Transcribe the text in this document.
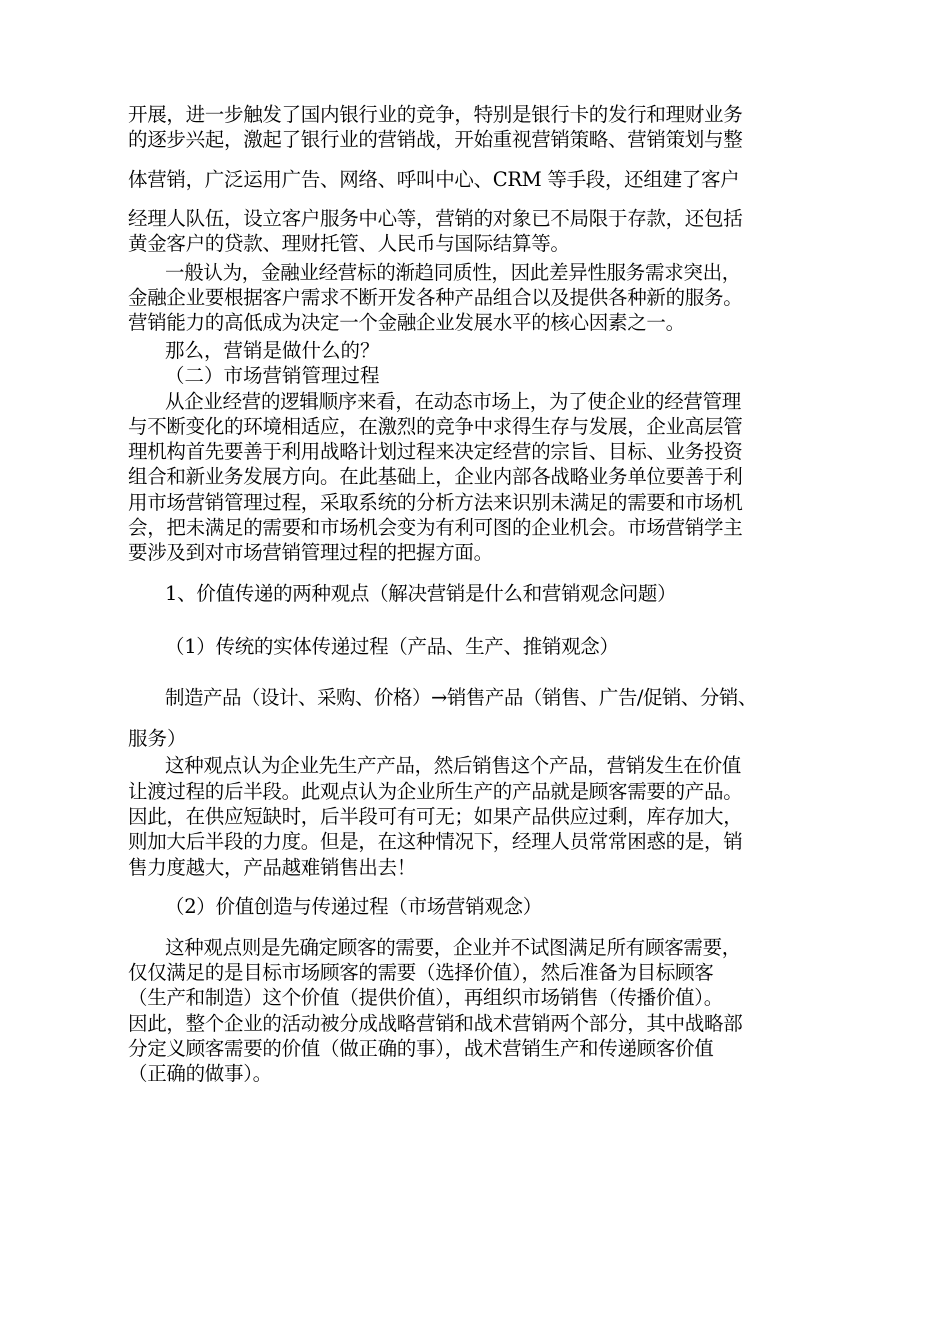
开展，进一步触发了国内银行业的竞争，特别是银行卡的发行和理财业务

的逐步兴起，激起了银行业的营销战，开始重视营销策略、营销策划与整

体营销，广泛运用广告、网络、呼叫中心、CRM 等手段，还组建了客户

经理人队伍，设立客户服务中心等，营销的对象已不局限于存款，还包括

黄金客户的贷款、理财托管、人民币与国际结算等。

一般认为，金融业经营标的渐趋同质性，因此差异性服务需求突出，

金融企业要根据客户需求不断开发各种产品组合以及提供各种新的服务。

营销能力的高低成为决定一个金融企业发展水平的核心因素之一。

那么，营销是做什么的？

（二）市场营销管理过程

从企业经营的逻辑顺序来看，在动态市场上，为了使企业的经营管理

与不断变化的环境相适应，在激烈的竞争中求得生存与发展，企业高层管

理机构首先要善于利用战略计划过程来决定经营的宗旨、目标、业务投资

组合和新业务发展方向。在此基础上，企业内部各战略业务单位要善于利

用市场营销管理过程，采取系统的分析方法来识别未满足的需要和市场机

会，把未满足的需要和市场机会变为有利可图的企业机会。市场营销学主

要涉及到对市场营销管理过程的把握方面。

1、价值传递的两种观点（解决营销是什么和营销观念问题）

（1）传统的实体传递过程（产品、生产、推销观念）

制造产品（设计、采购、价格）→销售产品（销售、广告/促销、分销、

服务）

这种观点认为企业先生产产品，然后销售这个产品，营销发生在价值

让渡过程的后半段。此观点认为企业所生产的产品就是顾客需要的产品。

因此，在供应短缺时，后半段可有可无；如果产品供应过剩，库存加大，

则加大后半段的力度。但是，在这种情况下，经理人员常常困惑的是，销

售力度越大，产品越难销售出去！

（2）价值创造与传递过程（市场营销观念）

这种观点则是先确定顾客的需要，企业并不试图满足所有顾客需要，

仅仅满足的是目标市场顾客的需要（选择价值），然后准备为目标顾客

（生产和制造）这个价值（提供价值），再组织市场销售（传播价值）。

因此，整个企业的活动被分成战略营销和战术营销两个部分，其中战略部

分定义顾客需要的价值（做正确的事），战术营销生产和传递顾客价值

（正确的做事）。
